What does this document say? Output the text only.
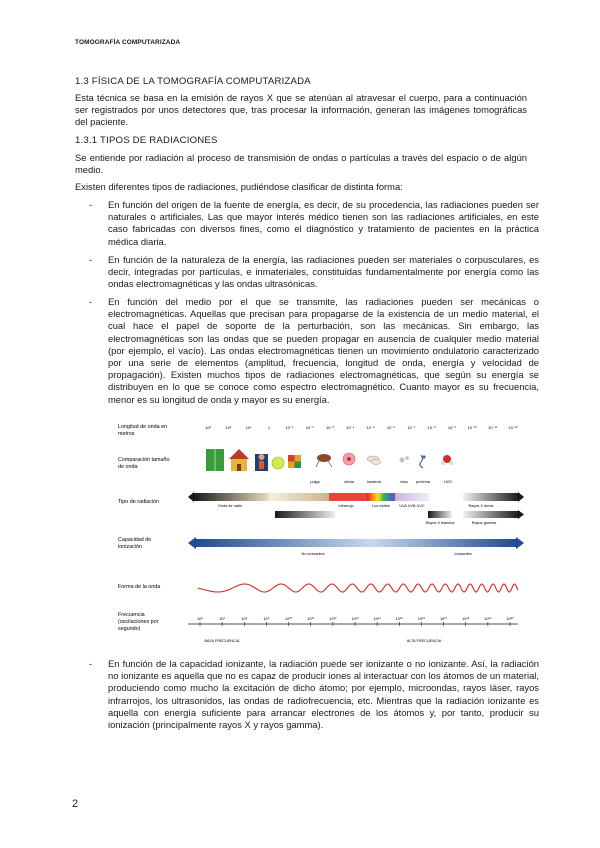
TOMOGRAFÍA COMPUTARIZADA
1.3 FÍSICA DE LA TOMOGRAFÍA COMPUTARIZADA
Esta técnica se basa en la emisión de rayos X que se atenúan al atravesar el cuerpo, para a continuación ser registrados por unos detectores que, tras procesar la información, generan las imágenes tomográficas del paciente.
1.3.1 TIPOS DE RADIACIONES
Se entiende por radiación al proceso de transmisión de ondas o partículas a través del espacio o de algún medio.
Existen diferentes tipos de radiaciones, pudiéndose clasificar de distinta forma:
- En función del origen de la fuente de energía, es decir, de su procedencia, las radiaciones pueden ser naturales o artificiales. Las que mayor interés médico tienen son las radiaciones artificiales, en este caso fabricadas con diversos fines, como el diagnóstico y tratamiento de pacientes en la práctica médica diaria.
- En función de la naturaleza de la energía, las radiaciones pueden ser materiales o corpusculares, es decir, integradas por partículas, e inmateriales, constituidas fundamentalmente por energía como las ondas electromagnéticas y las ondas ultrasónicas.
- En función del medio por el que se transmite, las radiaciones pueden ser mecánicas o electromagnéticas. Aquellas que precisan para propagarse de la existencia de un medio material, el cual hace el papel de soporte de la perturbación, son las mecánicas. Sin embargo, las electromagnéticas son las ondas que se pueden propagar en ausencia de cualquier medio material (por ejemplo, el vacío). Las ondas electromagnéticas tienen un movimiento ondulatorio caracterizado por una serie de elementos (amplitud, frecuencia, longitud de onda, energía y velocidad de propagación). Existen muchos tipos de radiaciones electromagnéticas, que según su energía se distribuyen en lo que se conoce como espectro electromagnético. Cuanto mayor es su frecuencia, menor es su longitud de onda y mayor es su energía.
Longitud de onda en
metros
Comparación tamaño
de onda
Tipo de radiación
Capacidad de
ionización
Forma de la onda
Frecuencia
(oscilaciones por
segundo)
10³	10²	10¹	1	10⁻¹	10⁻²	10⁻³	10⁻⁴	10⁻⁵	10⁻⁶	10⁻⁷	10⁻⁸	10⁻⁹	10⁻¹⁰	10⁻¹¹	10⁻¹²
pulga	célula	bacteria	virus proteína	H2O
Onda de radio	Infrarrojo	Luz visible	UVA UVB UVC	Rayos X duros
Rayos X blandos	Rayos gamma
No ionizantes	Ionizantes
10⁶	10⁷	10⁸	10⁹	10¹⁰	10¹¹	10¹²	10¹³	10¹⁴	10¹⁵	10¹⁶	10¹⁷	10¹⁸	10¹⁹	10²⁰
BAJA FRECUENCIA	ALTA FRECUENCIA
- En función de la capacidad ionizante, la radiación puede ser ionizante o no ionizante. Así, la radiación no ionizante es aquella que no es capaz de producir iones al interactuar con los átomos de un material, produciendo como mucho la excitación de dicho átomo; por ejemplo, microondas, rayos láser, rayos infrarrojos, los ultrasonidos, las ondas de radiofrecuencia, etc. Mientras que la radiación ionizante es aquella con energía suficiente para arrancar electrones de los átomos y, por tanto, producir su ionización (principalmente rayos X y rayos gamma).
2
